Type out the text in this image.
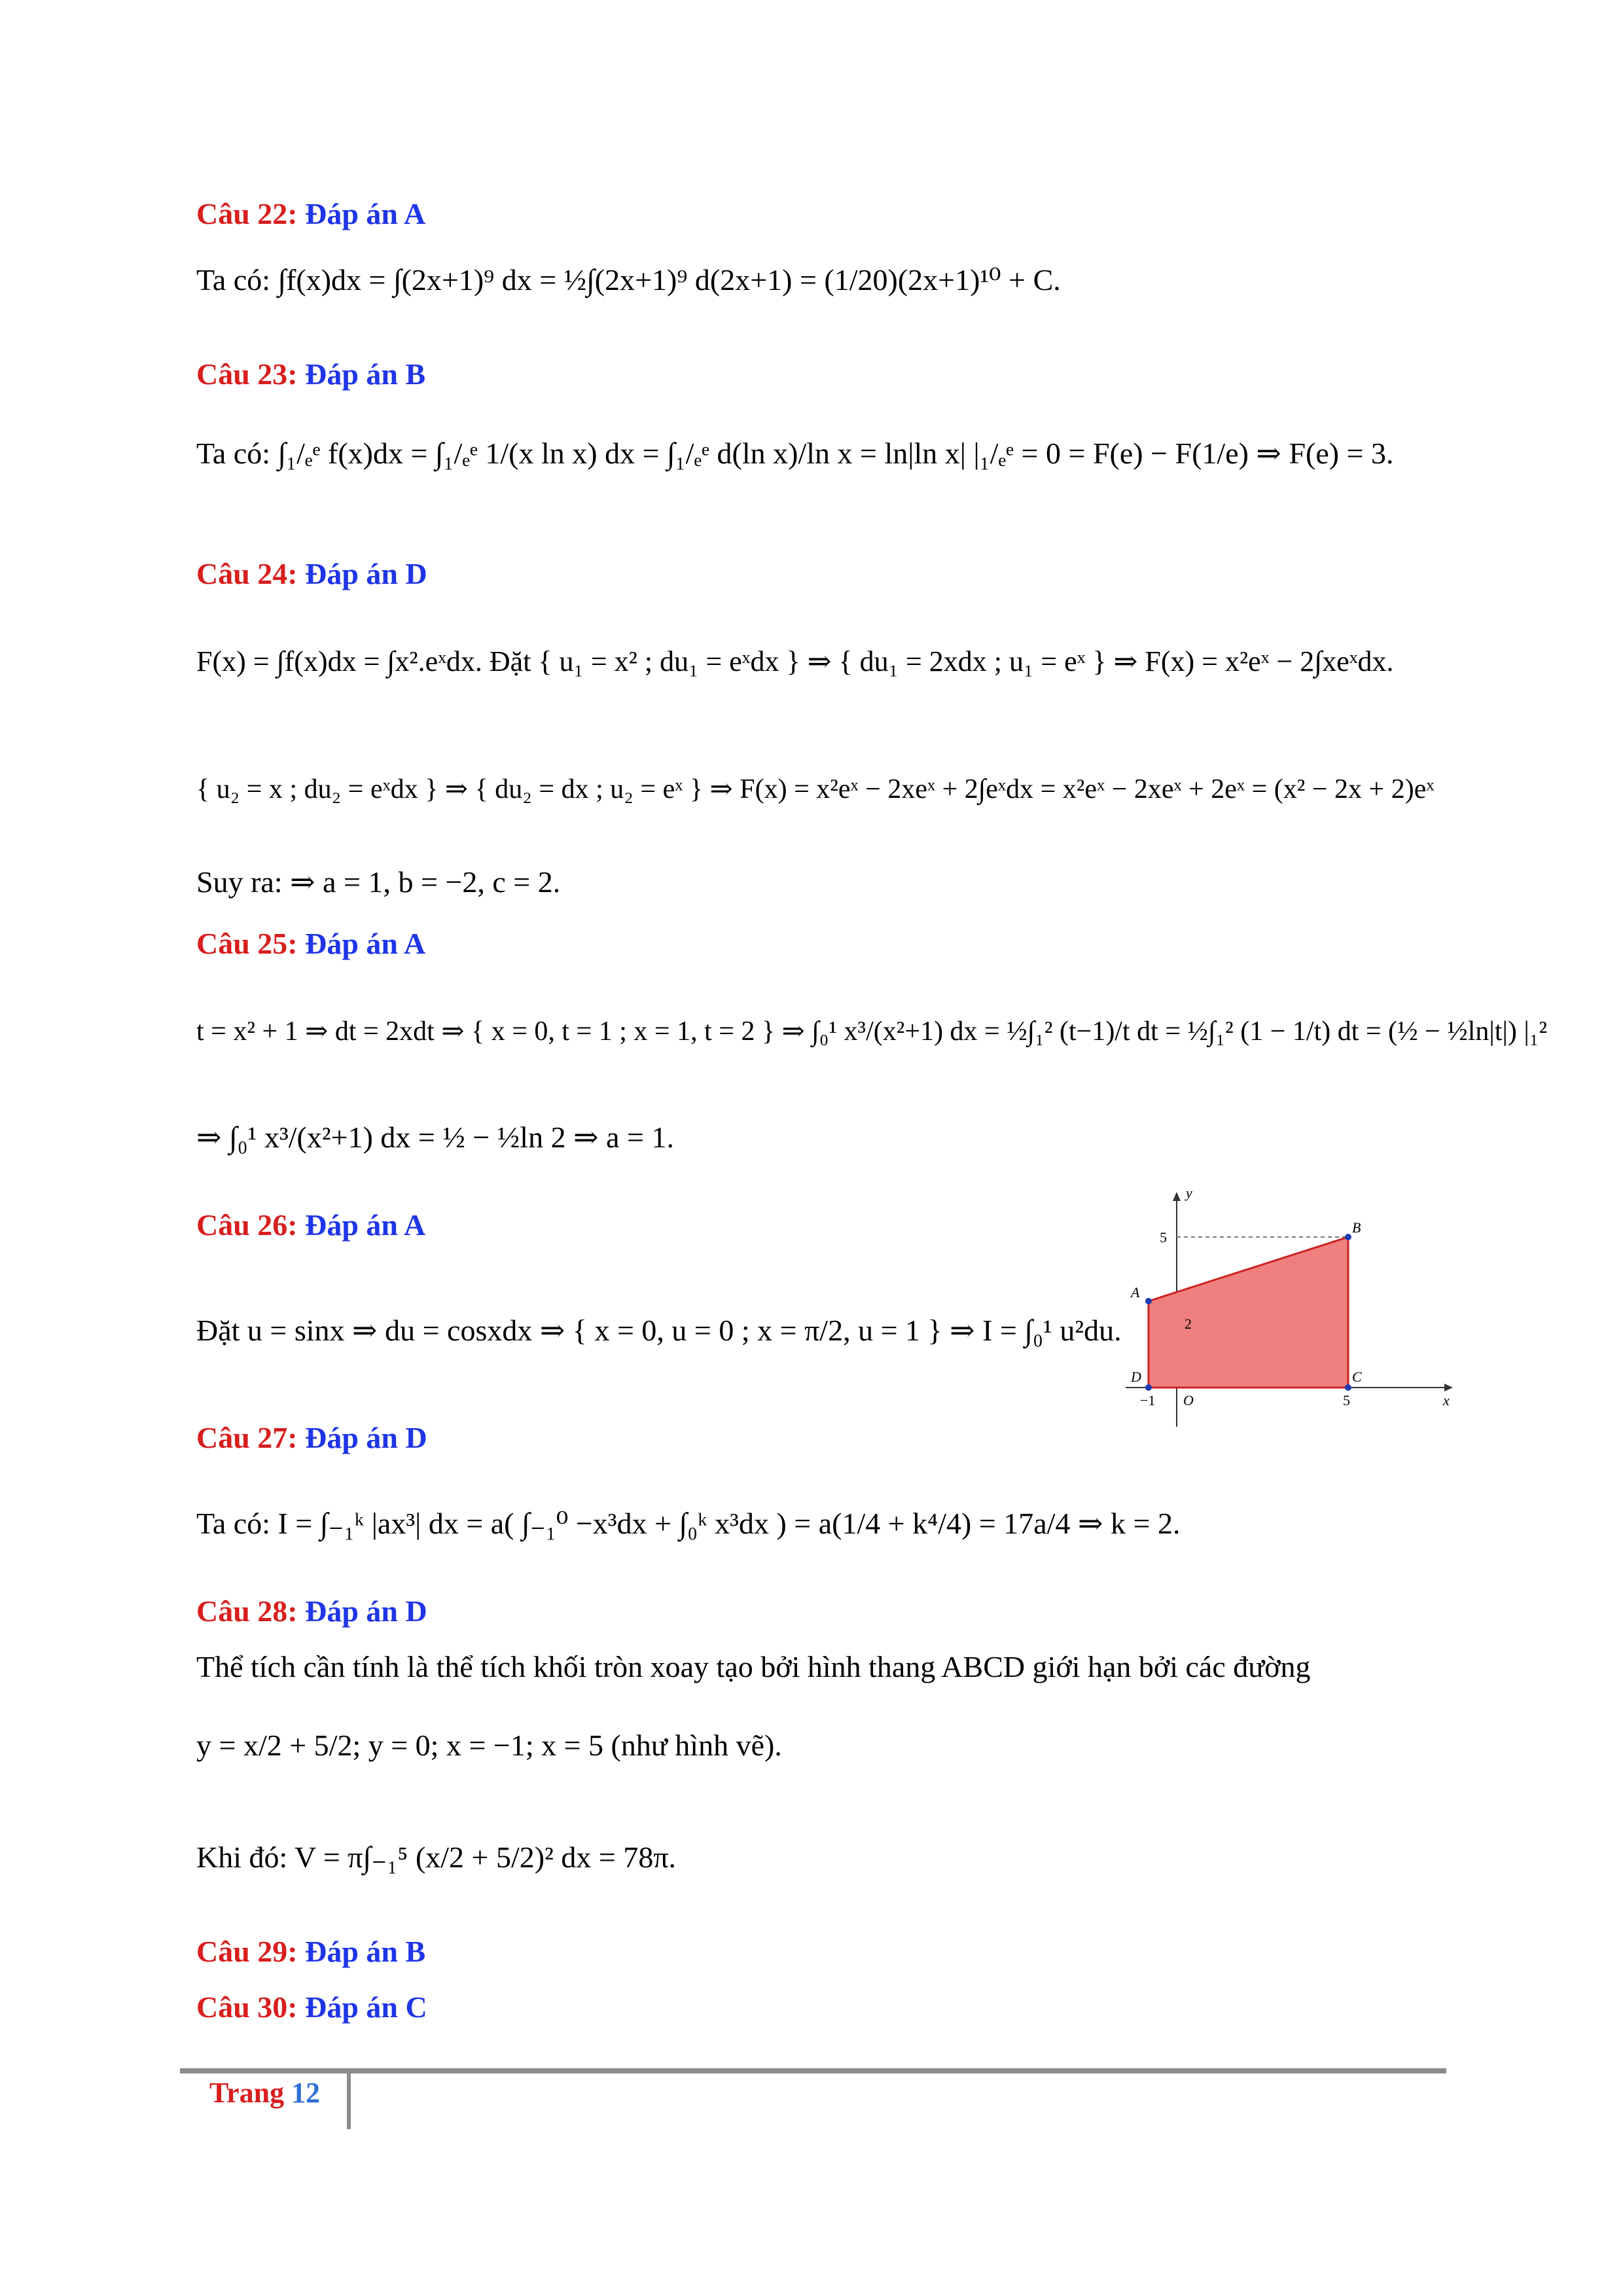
Câu 22: Đáp án A
Ta có: ∫f(x)dx = ∫(2x+1)⁹ dx = ½∫(2x+1)⁹ d(2x+1) = (1/20)(2x+1)¹⁰ + C.
Câu 23: Đáp án B
Ta có: ∫₁/ₑᵉ f(x)dx = ∫₁/ₑᵉ 1/(x ln x) dx = ∫₁/ₑᵉ d(ln x)/ln x = ln|ln x| |₁/ₑᵉ = 0 = F(e) − F(1/e) ⇒ F(e) = 3.
Câu 24: Đáp án D
F(x) = ∫f(x)dx = ∫x².eˣdx. Đặt { u₁ = x² ; du₁ = eˣdx } ⇒ { du₁ = 2xdx ; u₁ = eˣ } ⇒ F(x) = x²eˣ − 2∫xeˣdx.
{ u₂ = x ; du₂ = eˣdx } ⇒ { du₂ = dx ; u₂ = eˣ } ⇒ F(x) = x²eˣ − 2xeˣ + 2∫eˣdx = x²eˣ − 2xeˣ + 2eˣ = (x² − 2x + 2)eˣ
Suy ra: ⇒ a = 1, b = −2, c = 2.
Câu 25: Đáp án A
t = x² + 1 ⇒ dt = 2xdt ⇒ { x = 0, t = 1 ; x = 1, t = 2 } ⇒ ∫₀¹ x³/(x²+1) dx = ½∫₁² (t−1)/t dt = ½∫₁² (1 − 1/t) dt = (½ − ½ln|t|) |₁²
⇒ ∫₀¹ x³/(x²+1) dx = ½ − ½ln 2 ⇒ a = 1.
Câu 26: Đáp án A
Đặt u = sinx ⇒ du = cosxdx ⇒ { x = 0, u = 0 ; x = π/2, u = 1 } ⇒ I = ∫₀¹ u²du.
A
B
C
D
y
x
O
−1	5
2
5
Câu 27: Đáp án D
Ta có: I = ∫₋₁ᵏ |ax³| dx = a( ∫₋₁⁰ −x³dx + ∫₀ᵏ x³dx ) = a(1/4 + k⁴/4) = 17a/4 ⇒ k = 2.
Câu 28: Đáp án D
Thể tích cần tính là thể tích khối tròn xoay tạo bởi hình thang ABCD giới hạn bởi các đường
y = x/2 + 5/2; y = 0; x = −1; x = 5 (như hình vẽ).
Khi đó: V = π∫₋₁⁵ (x/2 + 5/2)² dx = 78π.
Câu 29: Đáp án B
Câu 30: Đáp án C
Trang 12
